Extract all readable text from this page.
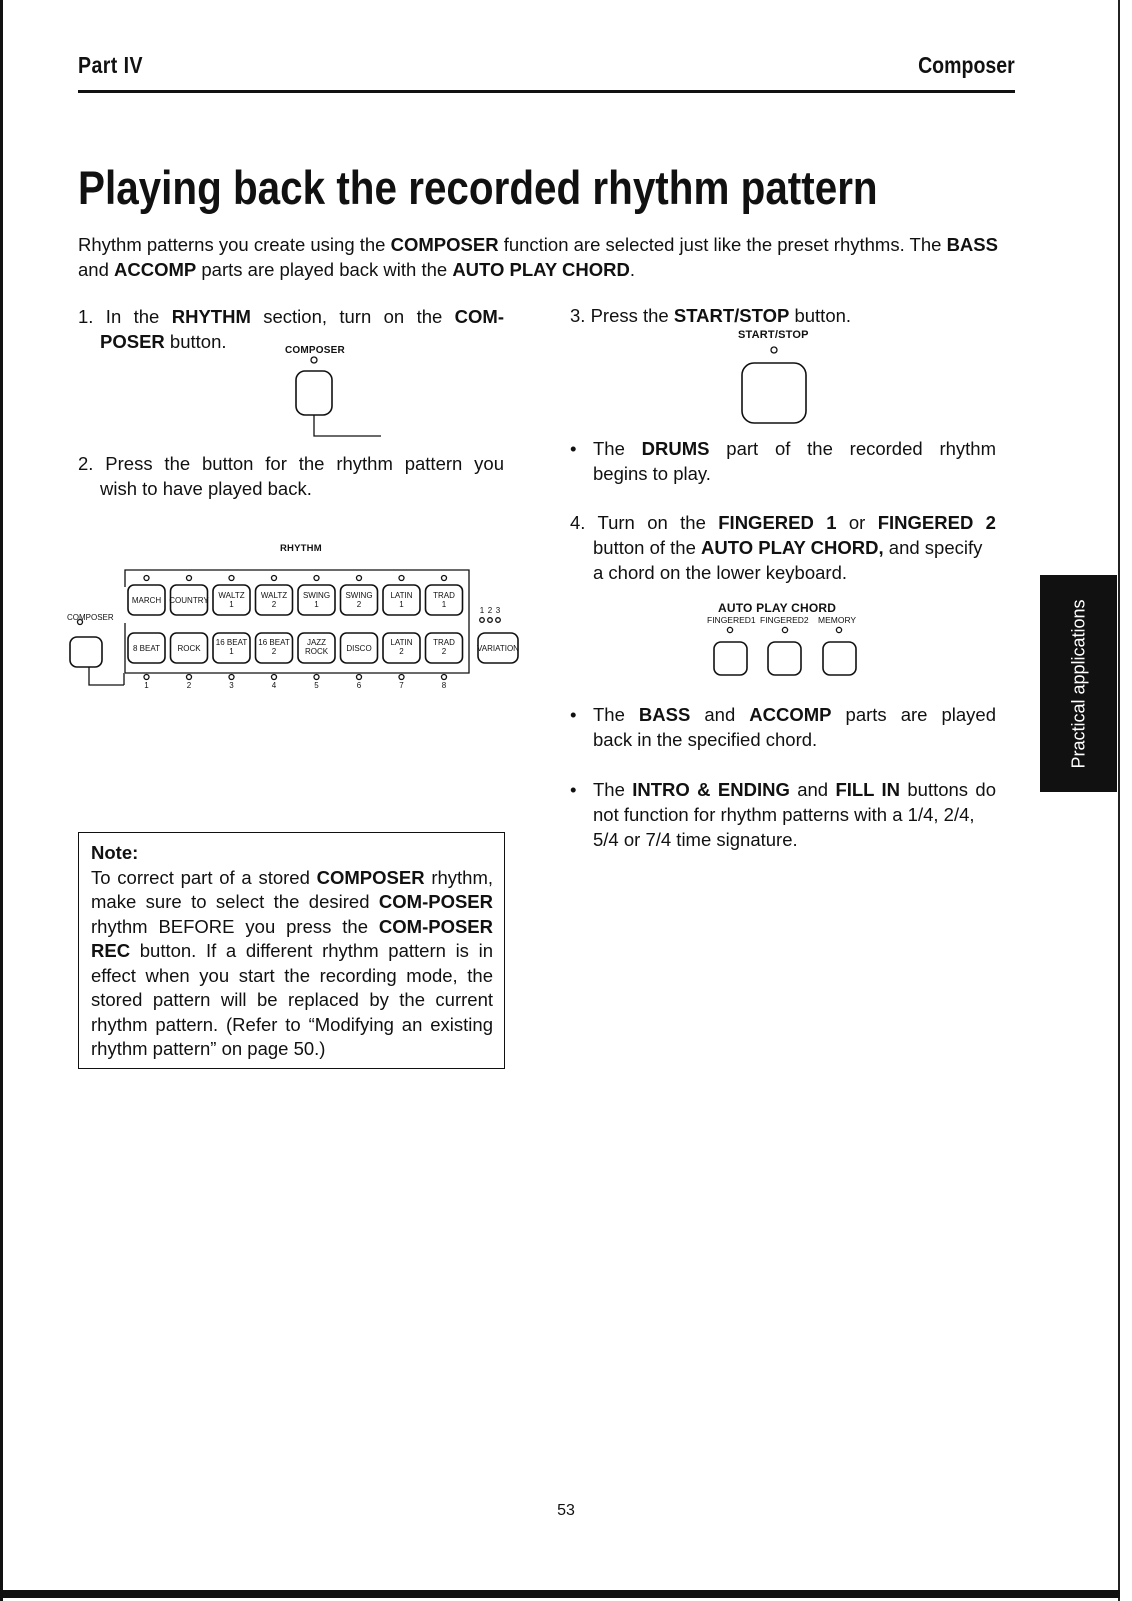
Part IV	Composer
Playing back the recorded rhythm pattern
Rhythm patterns you create using the COMPOSER function are selected just like the preset rhythms. The BASS and ACCOMP parts are played back with the AUTO PLAY CHORD.
1. In the RHYTHM section, turn on the COM-
POSER button.	COMPOSER
2. Press the button for the rhythm pattern you
wish to have played back.
RHYTHM
COMPOSER
MARCH COUNTRY
WALTZ
1
WALTZ
2
SWING
1
SWING
2
LATIN
1
TRAD
1
8 BEAT
1
ROCK
2
16 BEAT
1
3
16 BEAT
2
4
JAZZ
ROCK
5
DISCO
6
LATIN
2
7
TRAD
2
8
1 2 3
VARIATION
3. Press the START/STOP button.
START/STOP
• The DRUMS part of the recorded rhythm
begins to play.
4. Turn on the FINGERED 1 or FINGERED 2
button of the AUTO PLAY CHORD, and specify
a chord on the lower keyboard.
AUTO PLAY CHORD
FINGERED1 FINGERED2 MEMORY
• The BASS and ACCOMP parts are played
back in the specified chord.
• The INTRO & ENDING and FILL IN buttons do
not function for rhythm patterns with a 1/4, 2/4,
5/4 or 7/4 time signature.
Note:
To correct part of a stored COMPOSER rhythm, make sure to select the desired COM-POSER rhythm BEFORE you press the COM-POSER REC button. If a different rhythm pattern is in effect when you start the recording mode, the stored pattern will be replaced by the current rhythm pattern. (Refer to “Modifying an existing rhythm pattern” on page 50.)
Practical applications
53
